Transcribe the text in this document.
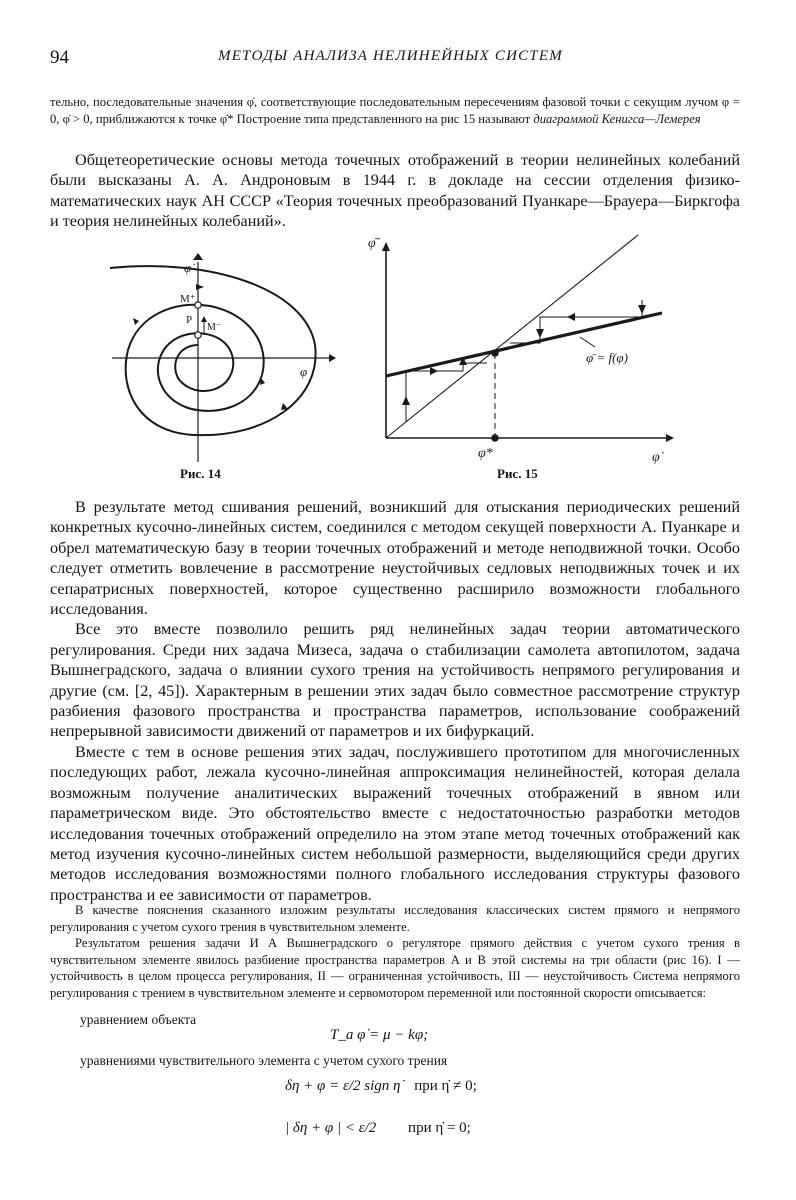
94	МЕТОДЫ АНАЛИЗА НЕЛИНЕЙНЫХ СИСТЕМ
тельно, последовательные значения φ̇, соответствующие последовательным пересечениям фазовой точки с секущим лучом φ = 0, φ̇ > 0, приближаются к точке φ̇* Построение типа представленного на рис 15 называют диаграммой Кенигса—Лемерея
Общетеоретические основы метода точечных отображений в теории нелинейных колебаний были высказаны А. А. Андроновым в 1944 г. в докладе на сессии отделения физико-математических наук АН СССР «Теория точечных преобразований Пуанкаре—Брауера—Биркгофа и теория нелинейных колебаний».
φ̇
φ
M⁺
P
M⁻
Рис. 14
φ̇̄
φ̇
φ*
φ̄ = f(φ)
Рис. 15

В результате метод сшивания решений, возникший для отыскания периодических решений конкретных кусочно-линейных систем, соединился с методом секущей поверхности А. Пуанкаре и обрел математическую базу в теории точечных отображений и методе неподвижной точки. Особо следует отметить вовлечение в рассмотрение неустойчивых седловых неподвижных точек и их сепаратрисных поверхностей, которое существенно расширило возможности глобального исследования.

Все это вместе позволило решить ряд нелинейных задач теории автоматического регулирования. Среди них задача Мизеса, задача о стабилизации самолета автопилотом, задача Вышнеградского, задача о влиянии сухого трения на устойчивость непрямого регулирования и другие (см. [2, 45]). Характерным в решении этих задач было совместное рассмотрение структур разбиения фазового пространства и пространства параметров, использование соображений непрерывной зависимости движений от параметров и их бифуркаций.

Вместе с тем в основе решения этих задач, послужившего прототипом для многочисленных последующих работ, лежала кусочно-линейная аппроксимация нелинейностей, которая делала возможным получение аналитических выражений точечных отображений в явном или параметрическом виде. Это обстоятельство вместе с недостаточностью разработки методов исследования точечных отображений определило на этом этапе метод точечных отображений как метод изучения кусочно-линейных систем небольшой размерности, выделяющийся среди других методов исследования возможностями полного глобального исследования структуры фазового пространства и ее зависимости от параметров.

В качестве пояснения сказанного изложим результаты исследования классических систем прямого и непрямого регулирования с учетом сухого трения в чувствительном элементе.

Результатом решения задачи И А Вышнеградского о регуляторе прямого действия с учетом сухого трения в чувствительном элементе явилось разбиение пространства параметров A и B этой системы на три области (рис 16). I — устойчивость в целом процесса регулирования, II — ограниченная устойчивость, III — неустойчивость Система непрямого регулирования с трением в чувствительном элементе и сервомотором переменной или постоянной скорости описывается:

уравнением объекта
T_a φ̇ = μ − kφ;
уравнениями чувствительного элемента с учетом сухого трения
δη + φ = ε/2 sign η̇ при η̇ ≠ 0;
| δη + φ | < ε/2 при η̇ = 0;
